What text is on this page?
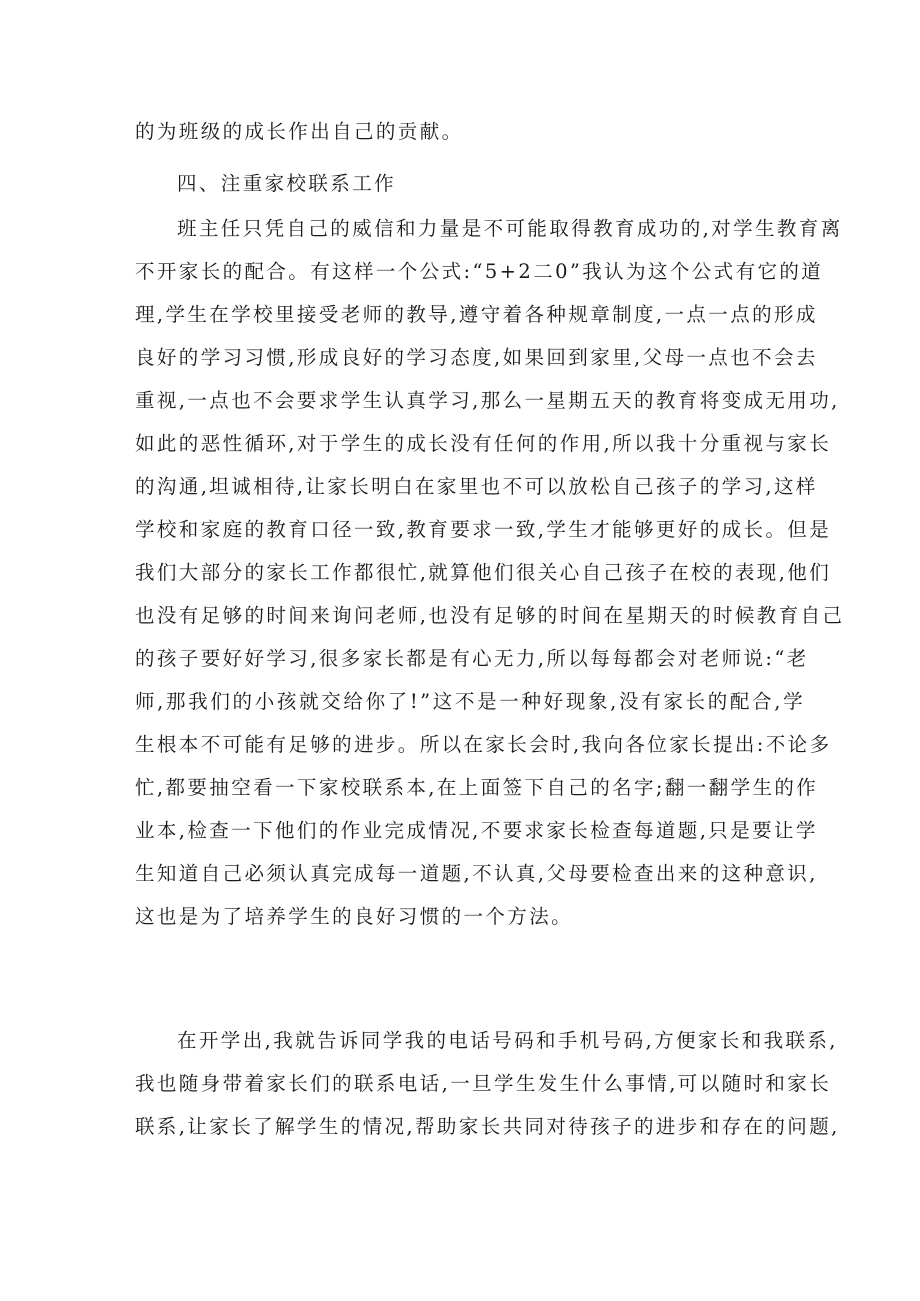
的为班级的成长作出自己的贡献。
四、注重家校联系工作
班主任只凭自己的威信和力量是不可能取得教育成功的,对学生教育离
不开家长的配合。有这样一个公式:“5+2二0”我认为这个公式有它的道
理,学生在学校里接受老师的教导,遵守着各种规章制度,一点一点的形成
良好的学习习惯,形成良好的学习态度,如果回到家里,父母一点也不会去
重视,一点也不会要求学生认真学习,那么一星期五天的教育将变成无用功,
如此的恶性循环,对于学生的成长没有任何的作用,所以我十分重视与家长
的沟通,坦诚相待,让家长明白在家里也不可以放松自己孩子的学习,这样
学校和家庭的教育口径一致,教育要求一致,学生才能够更好的成长。但是
我们大部分的家长工作都很忙,就算他们很关心自己孩子在校的表现,他们
也没有足够的时间来询问老师,也没有足够的时间在星期天的时候教育自己
的孩子要好好学习,很多家长都是有心无力,所以每每都会对老师说:“老
师,那我们的小孩就交给你了!”这不是一种好现象,没有家长的配合,学
生根本不可能有足够的进步。所以在家长会时,我向各位家长提出:不论多
忙,都要抽空看一下家校联系本,在上面签下自己的名字;翻一翻学生的作
业本,检查一下他们的作业完成情况,不要求家长检查每道题,只是要让学
生知道自己必须认真完成每一道题,不认真,父母要检查出来的这种意识,
这也是为了培养学生的良好习惯的一个方法。
在开学出,我就告诉同学我的电话号码和手机号码,方便家长和我联系,
我也随身带着家长们的联系电话,一旦学生发生什么事情,可以随时和家长
联系,让家长了解学生的情况,帮助家长共同对待孩子的进步和存在的问题,
